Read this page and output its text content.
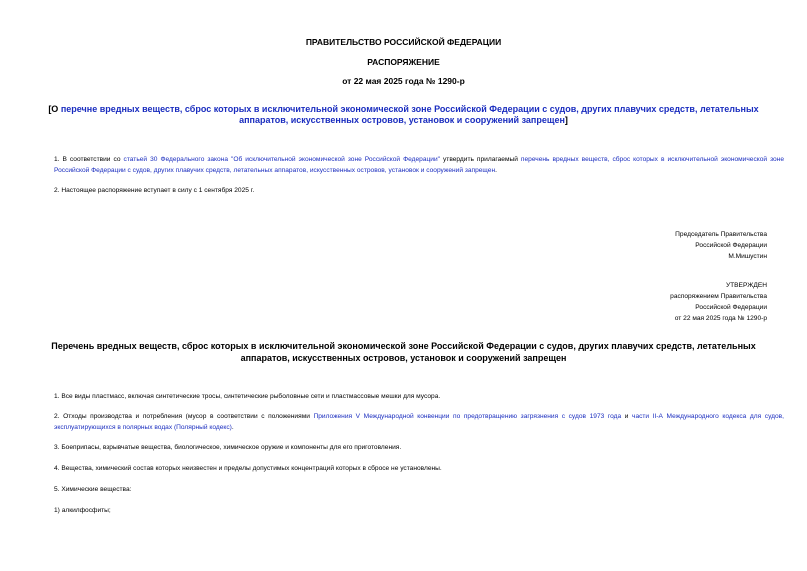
ПРАВИТЕЛЬСТВО РОССИЙСКОЙ ФЕДЕРАЦИИ
РАСПОРЯЖЕНИЕ
от 22 мая 2025 года № 1290-р
[О перечне вредных веществ, сброс которых в исключительной экономической зоне Российской Федерации с судов, других плавучих средств, летательных аппаратов, искусственных островов, установок и сооружений запрещен]
1. В соответствии со статьей 30 Федерального закона "Об исключительной экономической зоне Российской Федерации" утвердить прилагаемый перечень вредных веществ, сброс которых в исключительной экономической зоне Российской Федерации с судов, других плавучих средств, летательных аппаратов, искусственных островов, установок и сооружений запрещен.
2. Настоящее распоряжение вступает в силу с 1 сентября 2025 г.
Председатель Правительства
Российской Федерации
М.Мишустин
УТВЕРЖДЕН
распоряжением Правительства
Российской Федерации
от 22 мая 2025 года № 1290-р
Перечень вредных веществ, сброс которых в исключительной экономической зоне Российской Федерации с судов, других плавучих средств, летательных аппаратов, искусственных островов, установок и сооружений запрещен
1. Все виды пластмасс, включая синтетические тросы, синтетические рыболовные сети и пластмассовые мешки для мусора.
2. Отходы производства и потребления (мусор в соответствии с положениями Приложения V Международной конвенции по предотвращению загрязнения с судов 1973 года и части II-А Международного кодекса для судов, эксплуатирующихся в полярных водах (Полярный кодекс).
3. Боеприпасы, взрывчатые вещества, биологическое, химическое оружие и компоненты для его приготовления.
4. Вещества, химический состав которых неизвестен и пределы допустимых концентраций которых в сбросе не установлены.
5. Химические вещества:
1) алкилфосфиты;
